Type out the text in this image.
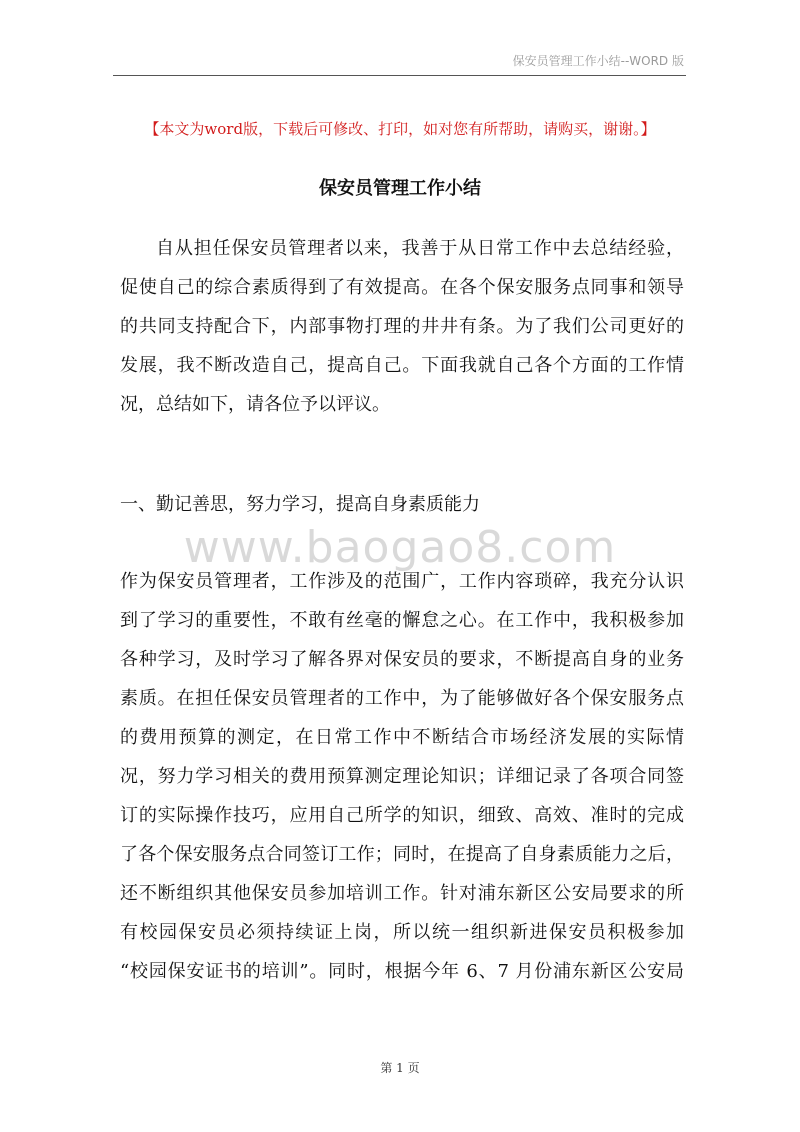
保安员管理工作小结--WORD 版
【本文为word版，下载后可修改、打印，如对您有所帮助，请购买，谢谢。】
保安员管理工作小结
自从担任保安员管理者以来，我善于从日常工作中去总结经验，
促使自己的综合素质得到了有效提高。在各个保安服务点同事和领导
的共同支持配合下，内部事物打理的井井有条。为了我们公司更好的
发展，我不断改造自己，提高自己。下面我就自己各个方面的工作情
况，总结如下，请各位予以评议。
一、勤记善思，努力学习，提高自身素质能力
www.baogao8.com
作为保安员管理者，工作涉及的范围广，工作内容琐碎，我充分认识
到了学习的重要性，不敢有丝毫的懈怠之心。在工作中，我积极参加
各种学习，及时学习了解各界对保安员的要求，不断提高自身的业务
素质。在担任保安员管理者的工作中，为了能够做好各个保安服务点
的费用预算的测定，在日常工作中不断结合市场经济发展的实际情
况，努力学习相关的费用预算测定理论知识；详细记录了各项合同签
订的实际操作技巧，应用自己所学的知识，细致、高效、准时的完成
了各个保安服务点合同签订工作；同时，在提高了自身素质能力之后，
还不断组织其他保安员参加培训工作。针对浦东新区公安局要求的所
有校园保安员必须持续证上岗，所以统一组织新进保安员积极参加
“校园保安证书的培训”。同时，根据今年 6、7 月份浦东新区公安局
第 1 页
